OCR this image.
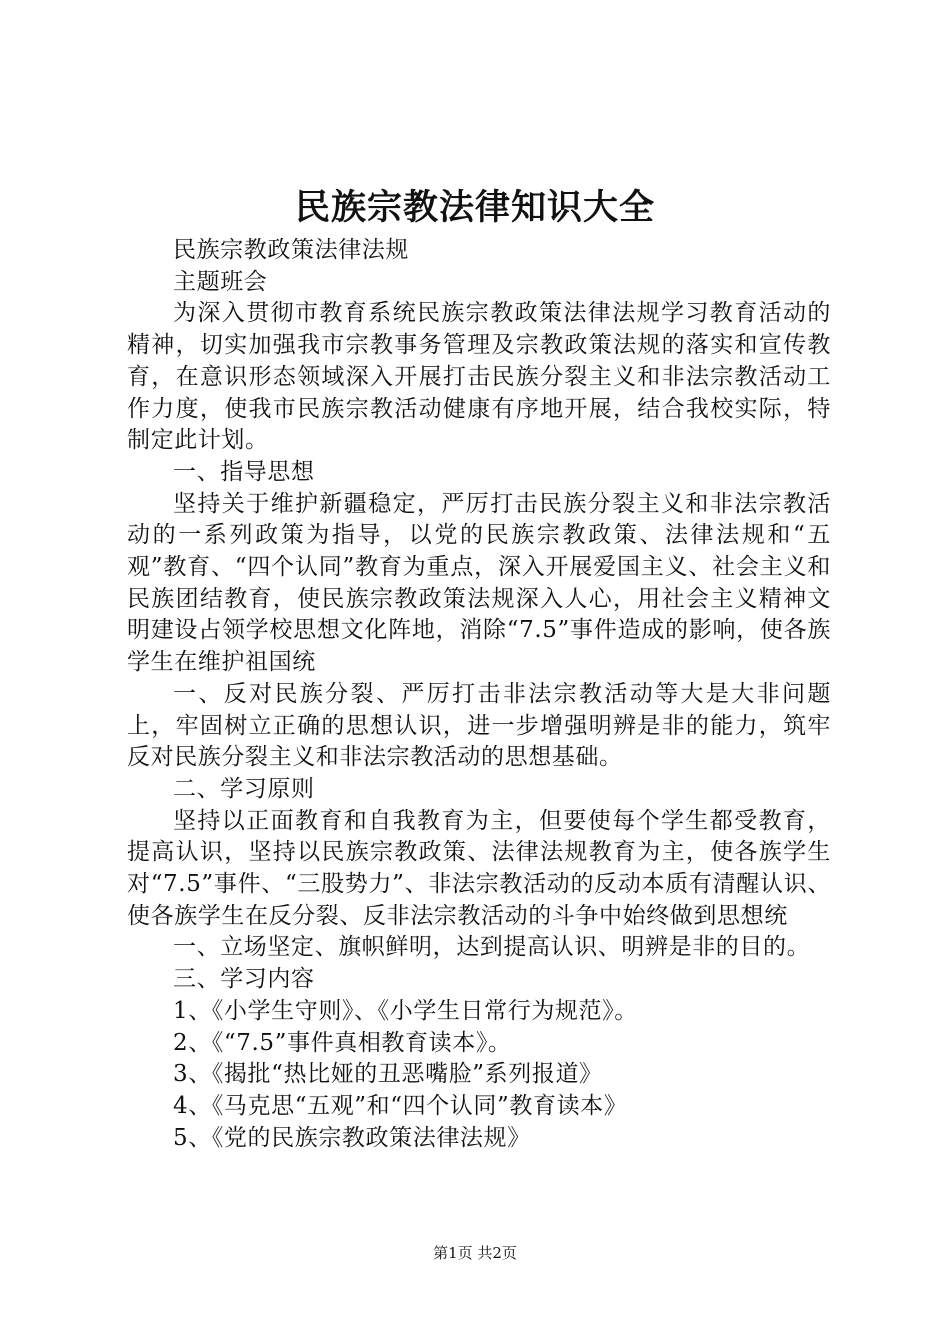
民族宗教法律知识大全

民族宗教政策法律法规

主题班会

为深入贯彻市教育系统民族宗教政策法律法规学习教育活动的精神，切实加强我市宗教事务管理及宗教政策法规的落实和宣传教育，在意识形态领域深入开展打击民族分裂主义和非法宗教活动工作力度，使我市民族宗教活动健康有序地开展，结合我校实际，特制定此计划。

一、指导思想

坚持关于维护新疆稳定，严厉打击民族分裂主义和非法宗教活动的一系列政策为指导，以党的民族宗教政策、法律法规和“五观”教育、“四个认同”教育为重点，深入开展爱国主义、社会主义和民族团结教育，使民族宗教政策法规深入人心，用社会主义精神文明建设占领学校思想文化阵地，消除“7.5”事件造成的影响，使各族学生在维护祖国统

一、反对民族分裂、严厉打击非法宗教活动等大是大非问题上，牢固树立正确的思想认识，进一步增强明辨是非的能力，筑牢反对民族分裂主义和非法宗教活动的思想基础。

二、学习原则

坚持以正面教育和自我教育为主，但要使每个学生都受教育，提高认识，坚持以民族宗教政策、法律法规教育为主，使各族学生对“7.5”事件、“三股势力”、非法宗教活动的反动本质有清醒认识、使各族学生在反分裂、反非法宗教活动的斗争中始终做到思想统

一、立场坚定、旗帜鲜明，达到提高认识、明辨是非的目的。

三、学习内容

1、《小学生守则》、《小学生日常行为规范》。

2、《“7.5”事件真相教育读本》。

3、《揭批“热比娅的丑恶嘴脸”系列报道》

4、《马克思“五观”和“四个认同”教育读本》

5、《党的民族宗教政策法律法规》

第1页 共2页
